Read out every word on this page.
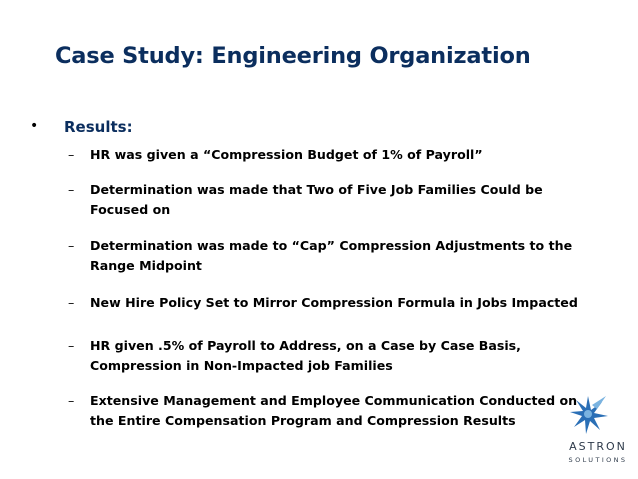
Case Study: Engineering Organization
• Results:
– HR was given a “Compression Budget of 1% of Payroll”
– Determination was made that Two of Five Job Families Could be Focused on
– Determination was made to “Cap” Compression Adjustments to the Range Midpoint
– New Hire Policy Set to Mirror Compression Formula in Jobs Impacted
– HR given .5% of Payroll to Address, on a Case by Case Basis, Compression in Non-Impacted job Families
– Extensive Management and Employee Communication Conducted on the Entire Compensation Program and Compression Results
ASTRON
SOLUTIONS
